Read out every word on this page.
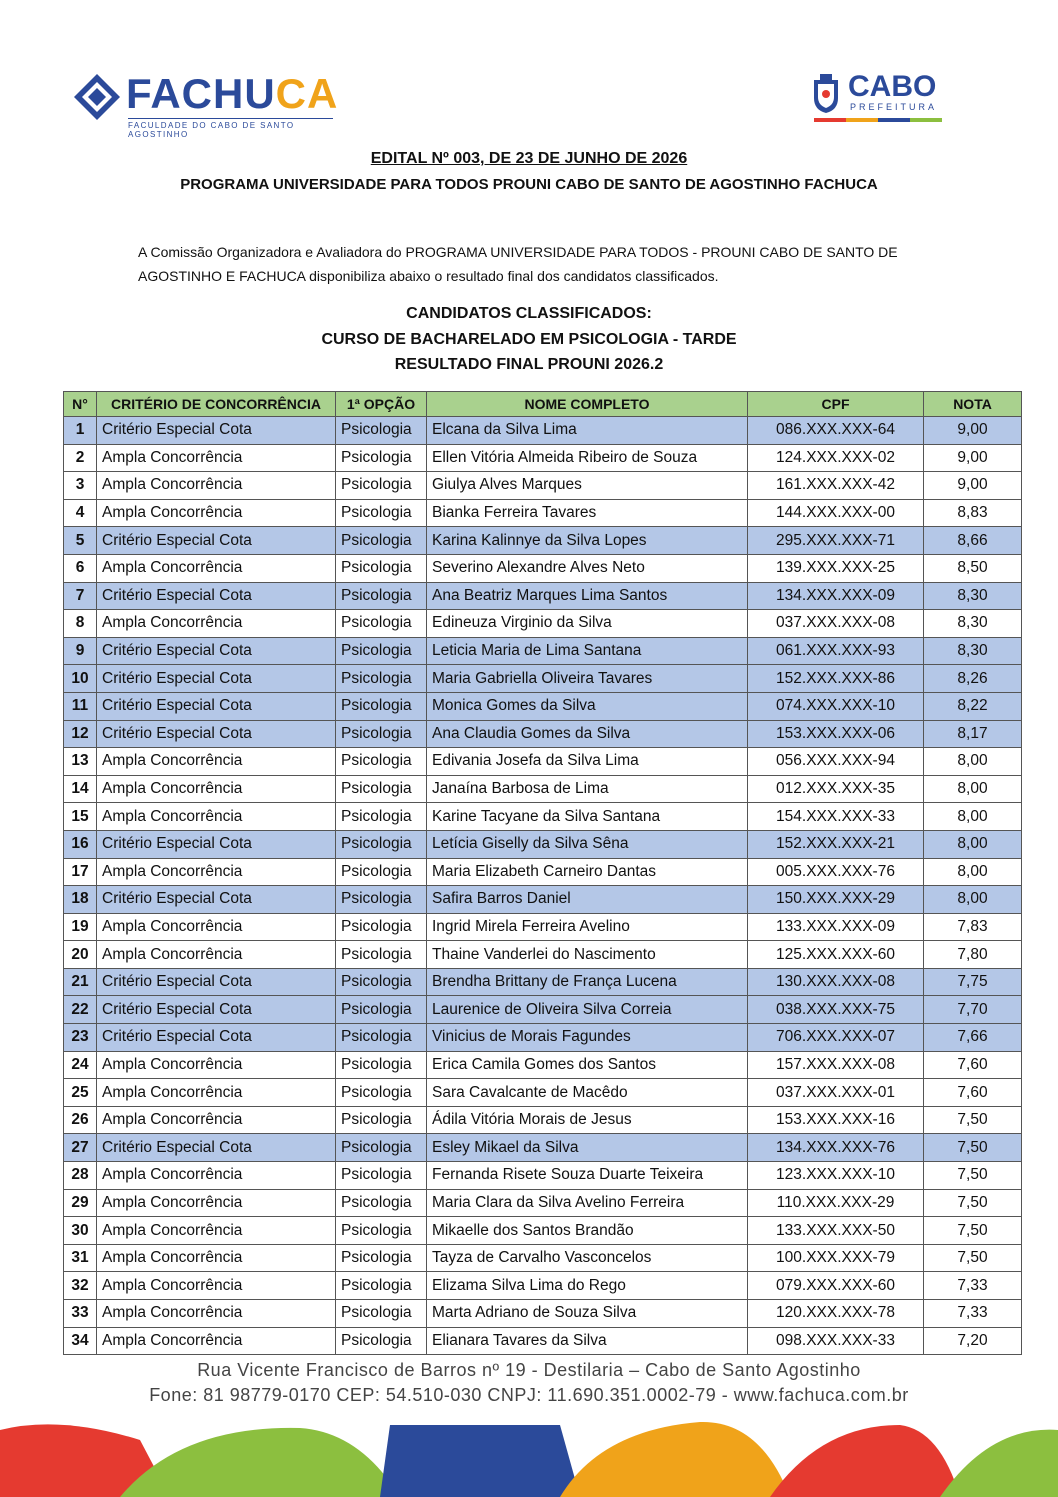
FACHUCA
FACULDADE DO CABO DE SANTO AGOSTINHO
CABO
PREFEITURA
EDITAL Nº 003, DE 23 DE JUNHO DE 2026
PROGRAMA UNIVERSIDADE PARA TODOS PROUNI CABO DE SANTO DE AGOSTINHO FACHUCA
A Comissão Organizadora e Avaliadora do PROGRAMA UNIVERSIDADE PARA TODOS - PROUNI CABO DE SANTO DE AGOSTINHO E FACHUCA disponibiliza abaixo o resultado final dos candidatos classificados.
CANDIDATOS CLASSIFICADOS:
CURSO DE BACHARELADO EM PSICOLOGIA - TARDE
RESULTADO FINAL PROUNI 2026.2
N°	CRITÉRIO DE CONCORRÊNCIA	1ª OPÇÃO	NOME COMPLETO	CPF	NOTA
1	Critério Especial Cota	Psicologia	Elcana da Silva Lima	086.XXX.XXX-64	9,00
2	Ampla Concorrência	Psicologia	Ellen Vitória Almeida Ribeiro de Souza	124.XXX.XXX-02	9,00
3	Ampla Concorrência	Psicologia	Giulya Alves Marques	161.XXX.XXX-42	9,00
4	Ampla Concorrência	Psicologia	Bianka Ferreira Tavares	144.XXX.XXX-00	8,83
5	Critério Especial Cota	Psicologia	Karina Kalinnye da Silva Lopes	295.XXX.XXX-71	8,66
6	Ampla Concorrência	Psicologia	Severino Alexandre Alves Neto	139.XXX.XXX-25	8,50
7	Critério Especial Cota	Psicologia	Ana Beatriz Marques Lima Santos	134.XXX.XXX-09	8,30
8	Ampla Concorrência	Psicologia	Edineuza Virginio da Silva	037.XXX.XXX-08	8,30
9	Critério Especial Cota	Psicologia	Leticia Maria de Lima Santana	061.XXX.XXX-93	8,30
10	Critério Especial Cota	Psicologia	Maria Gabriella Oliveira Tavares	152.XXX.XXX-86	8,26
11	Critério Especial Cota	Psicologia	Monica Gomes da Silva	074.XXX.XXX-10	8,22
12	Critério Especial Cota	Psicologia	Ana Claudia Gomes da Silva	153.XXX.XXX-06	8,17
13	Ampla Concorrência	Psicologia	Edivania Josefa da Silva Lima	056.XXX.XXX-94	8,00
14	Ampla Concorrência	Psicologia	Janaína Barbosa de Lima	012.XXX.XXX-35	8,00
15	Ampla Concorrência	Psicologia	Karine Tacyane da Silva Santana	154.XXX.XXX-33	8,00
16	Critério Especial Cota	Psicologia	Letícia Giselly da Silva Sêna	152.XXX.XXX-21	8,00
17	Ampla Concorrência	Psicologia	Maria Elizabeth Carneiro Dantas	005.XXX.XXX-76	8,00
18	Critério Especial Cota	Psicologia	Safira Barros Daniel	150.XXX.XXX-29	8,00
19	Ampla Concorrência	Psicologia	Ingrid Mirela Ferreira Avelino	133.XXX.XXX-09	7,83
20	Ampla Concorrência	Psicologia	Thaine Vanderlei do Nascimento	125.XXX.XXX-60	7,80
21	Critério Especial Cota	Psicologia	Brendha Brittany de França Lucena	130.XXX.XXX-08	7,75
22	Critério Especial Cota	Psicologia	Laurenice de Oliveira Silva Correia	038.XXX.XXX-75	7,70
23	Critério Especial Cota	Psicologia	Vinicius de Morais Fagundes	706.XXX.XXX-07	7,66
24	Ampla Concorrência	Psicologia	Erica Camila Gomes dos Santos	157.XXX.XXX-08	7,60
25	Ampla Concorrência	Psicologia	Sara Cavalcante de Macêdo	037.XXX.XXX-01	7,60
26	Ampla Concorrência	Psicologia	Ádila Vitória Morais de Jesus	153.XXX.XXX-16	7,50
27	Critério Especial Cota	Psicologia	Esley Mikael da Silva	134.XXX.XXX-76	7,50
28	Ampla Concorrência	Psicologia	Fernanda Risete Souza Duarte Teixeira	123.XXX.XXX-10	7,50
29	Ampla Concorrência	Psicologia	Maria Clara da Silva Avelino Ferreira	110.XXX.XXX-29	7,50
30	Ampla Concorrência	Psicologia	Mikaelle dos Santos Brandão	133.XXX.XXX-50	7,50
31	Ampla Concorrência	Psicologia	Tayza de Carvalho Vasconcelos	100.XXX.XXX-79	7,50
32	Ampla Concorrência	Psicologia	Elizama Silva Lima do Rego	079.XXX.XXX-60	7,33
33	Ampla Concorrência	Psicologia	Marta Adriano de Souza Silva	120.XXX.XXX-78	7,33
34	Ampla Concorrência	Psicologia	Elianara Tavares da Silva	098.XXX.XXX-33	7,20
Rua Vicente Francisco de Barros nº 19 - Destilaria – Cabo de Santo Agostinho
Fone: 81 98779-0170 CEP: 54.510-030 CNPJ: 11.690.351.0002-79 - www.fachuca.com.br
